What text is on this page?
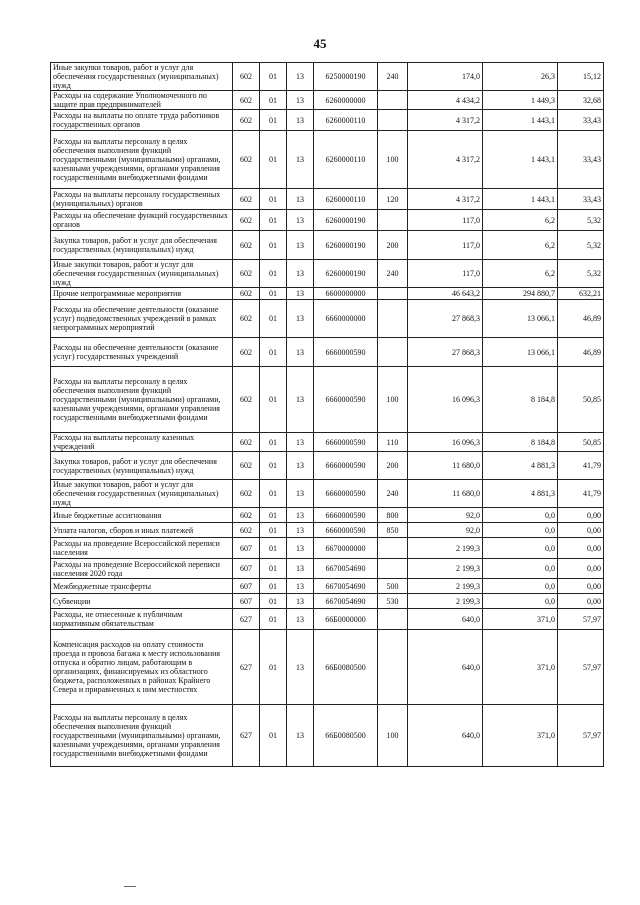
45
Иные закупки товаров, работ и услуг для обеспечения государственных (муниципальных) нужд	602	01	13	6250000190	240	174,0	26,3	15,12
Расходы на содержание Уполномоченного по защите прав предпринимателей	602	01	13	6260000000		4 434,2	1 449,3	32,68
Расходы на выплаты по оплате труда работников государственных органов	602	01	13	6260000110		4 317,2	1 443,1	33,43
Расходы на выплаты персоналу в целях обеспечения выполнения функций государственными (муниципальными) органами, казенными учреждениями, органами управления государственными внебюджетными фондами	602	01	13	6260000110	100	4 317,2	1 443,1	33,43
Расходы на выплаты персоналу государственных (муниципальных) органов	602	01	13	6260000110	120	4 317,2	1 443,1	33,43
Расходы на обеспечение функций государственных органов	602	01	13	6260000190		117,0	6,2	5,32
Закупка товаров, работ и услуг для обеспечения государственных (муниципальных) нужд	602	01	13	6260000190	200	117,0	6,2	5,32
Иные закупки товаров, работ и услуг для обеспечения государственных (муниципальных) нужд	602	01	13	6260000190	240	117,0	6,2	5,32
Прочие непрограммные мероприятия	602	01	13	6600000000		46 643,2	294 880,7	632,21
Расходы на обеспечение деятельности (оказание услуг) подведомственных учреждений в рамках непрограммных мероприятий	602	01	13	6660000000		27 868,3	13 066,1	46,89
Расходы на обеспечение деятельности (оказание услуг) государственных учреждений	602	01	13	6660000590		27 868,3	13 066,1	46,89
Расходы на выплаты персоналу в целях обеспечения выполнения функций государственными (муниципальными) органами, казенными учреждениями, органами управления государственными внебюджетными фондами	602	01	13	6660000590	100	16 096,3	8 184,8	50,85
Расходы на выплаты персоналу казенных учреждений	602	01	13	6660000590	110	16 096,3	8 184,8	50,85
Закупка товаров, работ и услуг для обеспечения государственных (муниципальных) нужд	602	01	13	6660000590	200	11 680,0	4 881,3	41,79
Иные закупки товаров, работ и услуг для обеспечения государственных (муниципальных) нужд	602	01	13	6660000590	240	11 680,0	4 881,3	41,79
Иные бюджетные ассигнования	602	01	13	6660000590	800	92,0	0,0	0,00
Уплата налогов, сборов и иных платежей	602	01	13	6660000590	850	92,0	0,0	0,00
Расходы на проведение Всероссийской переписи населения	607	01	13	6670000000		2 199,3	0,0	0,00
Расходы на проведение Всероссийской переписи населения 2020 года	607	01	13	6670054690		2 199,3	0,0	0,00
Межбюджетные трансферты	607	01	13	6670054690	500	2 199,3	0,0	0,00
Субвенции	607	01	13	6670054690	530	2 199,3	0,0	0,00
Расходы, не отнесенные к публичным нормативным обязательствам	627	01	13	66Б0000000		640,0	371,0	57,97
Компенсация расходов на оплату стоимости проезда и провоза багажа к месту использования отпуска и обратно лицам, работающим в организациях, финансируемых из областного бюджета, расположенных в районах Крайнего Севера и приравненных к ним местностях	627	01	13	66Б0080500		640,0	371,0	57,97
Расходы на выплаты персоналу в целях обеспечения выполнения функций государственными (муниципальными) органами, казенными учреждениями, органами управления государственными внебюджетными фондами	627	01	13	66Б0080500	100	640,0	371,0	57,97
